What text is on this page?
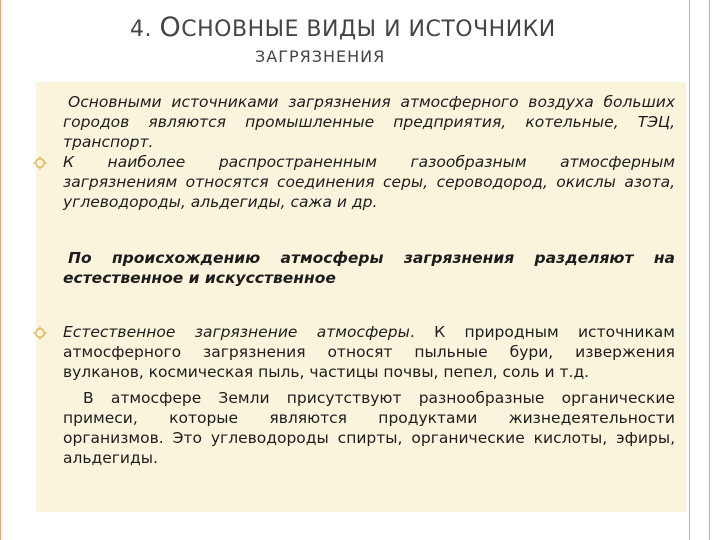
4. ОСНОВНЫЕ ВИДЫ И ИСТОЧНИКИ
ЗАГРЯЗНЕНИЯ

Основными источниками загрязнения атмосферного воздуха больших городов являются промышленные предприятия, котельные, ТЭЦ, транспорт.

К наиболее распространенным газообразным атмосферным загрязнениям относятся соединения серы, сероводород, окислы азота, углеводороды, альдегиды, сажа и др.

По происхождению атмосферы загрязнения разделяют на естественное и искусственное

Естественное загрязнение атмосферы. К природным источникам атмосферного загрязнения относят пыльные бури, извержения вулканов, космическая пыль, частицы почвы, пепел, соль и т.д.

В атмосфере Земли присутствуют разнообразные органические примеси, которые являются продуктами жизнедеятельности организмов. Это углеводороды спирты, органические кислоты, эфиры, альдегиды.
